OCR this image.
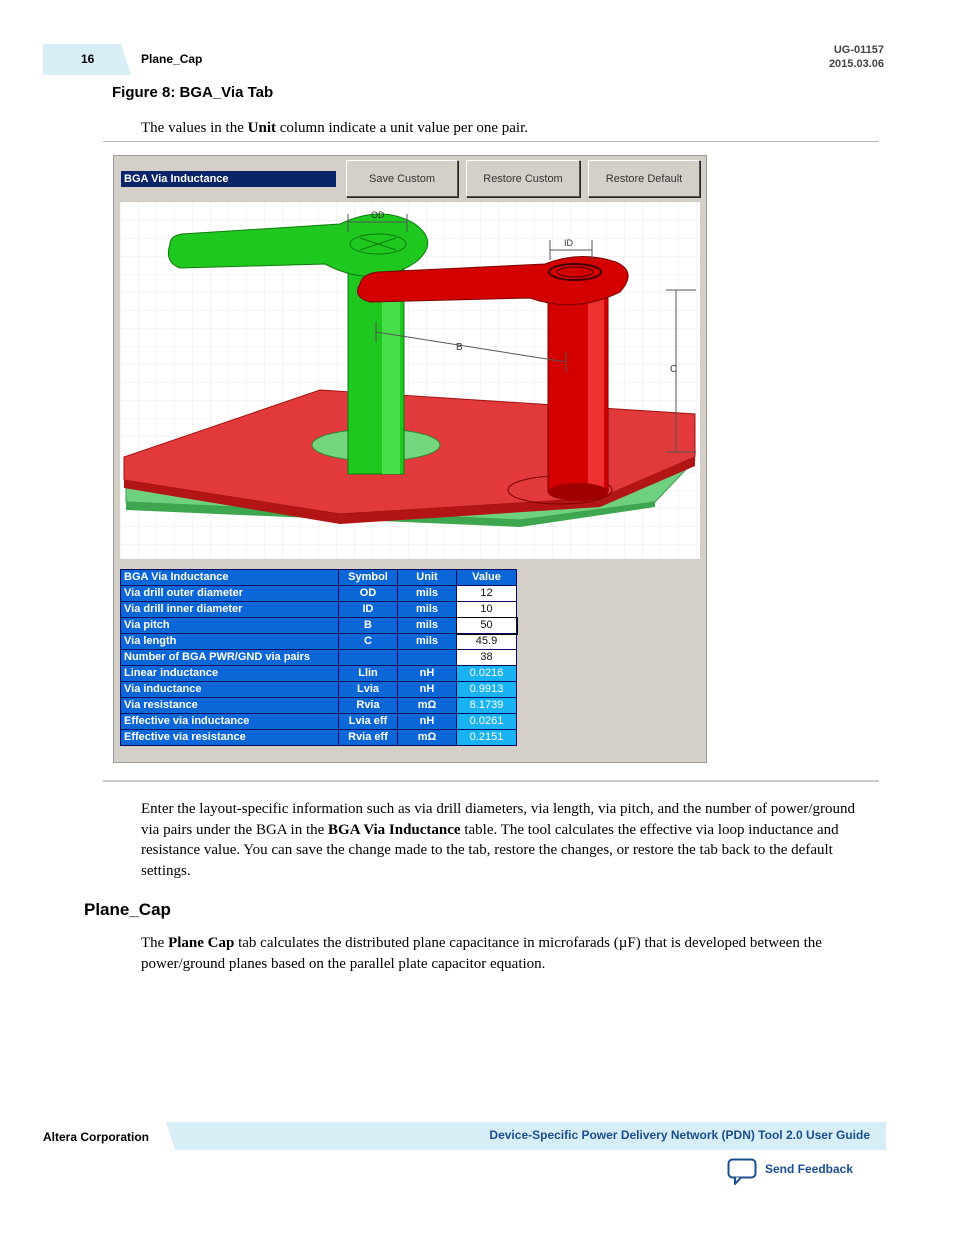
16	Plane_Cap
UG-01157
2015.03.06
Figure 8: BGA_Via Tab
The values in the Unit column indicate a unit value per one pair.
BGA Via Inductance	Save Custom	Restore Custom	Restore Default
OD
ID
B
C
BGA Via Inductance	Symbol	Unit	Value
Via drill outer diameter	OD	mils	12
Via drill inner diameter	ID	mils	10
Via pitch	B	mils	50
Via length	C	mils	45.9
Number of BGA PWR/GND via pairs			38
Linear inductance	Llin	nH	0.0216
Via inductance	Lvia	nH	0.9913
Via resistance	Rvia	mΩ	8.1739
Effective via inductance	Lvia eff	nH	0.0261
Effective via resistance	Rvia eff	mΩ	0.2151
Enter the layout-specific information such as via drill diameters, via length, via pitch, and the number of power/ground via pairs under the BGA in the BGA Via Inductance table. The tool calculates the effective via loop inductance and resistance value. You can save the change made to the tab, restore the changes, or restore the tab back to the default settings.
Plane_Cap
The Plane Cap tab calculates the distributed plane capacitance in microfarads (µF) that is developed between the power/ground planes based on the parallel plate capacitor equation.
Altera Corporation	Device-Specific Power Delivery Network (PDN) Tool 2.0 User Guide
Send Feedback
